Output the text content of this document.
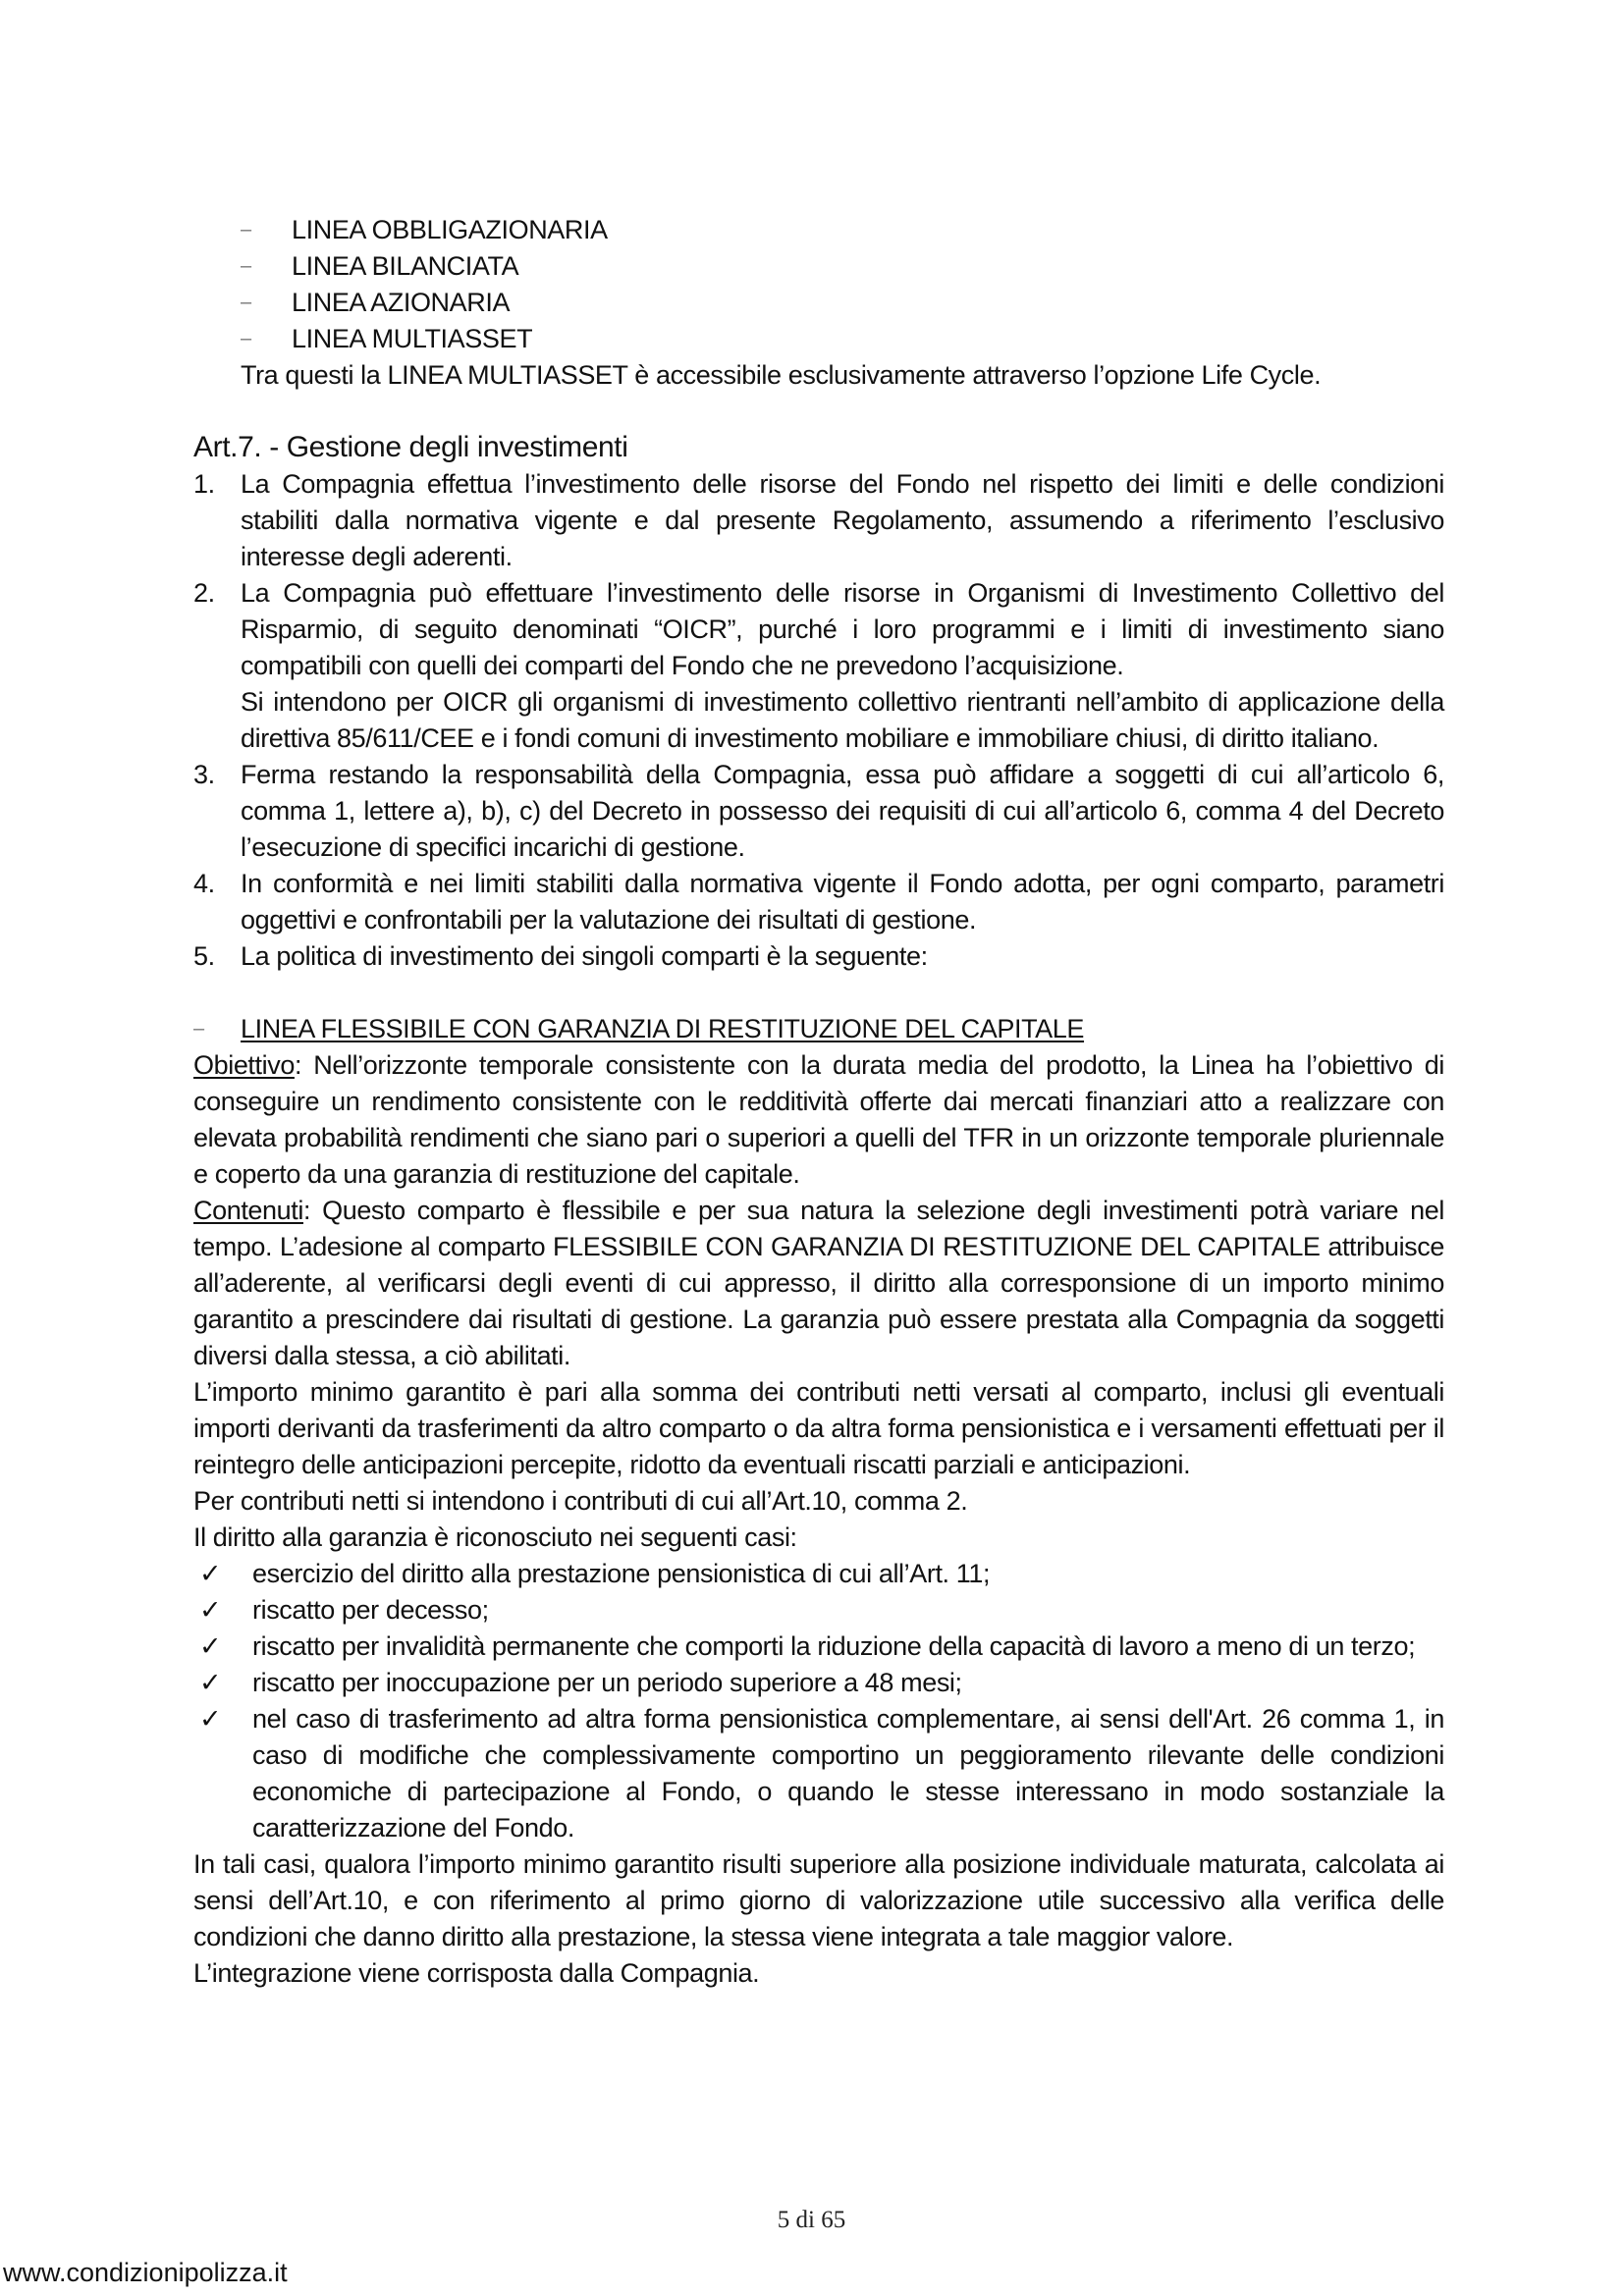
– LINEA OBBLIGAZIONARIA
– LINEA BILANCIATA
– LINEA AZIONARIA
– LINEA MULTIASSET
Tra questi la LINEA MULTIASSET è accessibile esclusivamente attraverso l’opzione Life Cycle.
Art.7. - Gestione degli investimenti
1. La Compagnia effettua l’investimento delle risorse del Fondo nel rispetto dei limiti e delle condizioni stabiliti dalla normativa vigente e dal presente Regolamento, assumendo a riferimento l’esclusivo interesse degli aderenti.

2. La Compagnia può effettuare l’investimento delle risorse in Organismi di Investimento Collettivo del Risparmio, di seguito denominati “OICR”, purché i loro programmi e i limiti di investimento siano compatibili con quelli dei comparti del Fondo che ne prevedono l’acquisizione.

Si intendono per OICR gli organismi di investimento collettivo rientranti nell’ambito di applicazione della direttiva 85/611/CEE e i fondi comuni di investimento mobiliare e immobiliare chiusi, di diritto italiano.

3. Ferma restando la responsabilità della Compagnia, essa può affidare a soggetti di cui all’articolo 6, comma 1, lettere a), b), c) del Decreto in possesso dei requisiti di cui all’articolo 6, comma 4 del Decreto l’esecuzione di specifici incarichi di gestione.

4. In conformità e nei limiti stabiliti dalla normativa vigente il Fondo adotta, per ogni comparto, parametri oggettivi e confrontabili per la valutazione dei risultati di gestione.

5. La politica di investimento dei singoli comparti è la seguente:

– LINEA FLESSIBILE CON GARANZIA DI RESTITUZIONE DEL CAPITALE

Obiettivo: Nell’orizzonte temporale consistente con la durata media del prodotto, la Linea ha l’obiettivo di conseguire un rendimento consistente con le redditività offerte dai mercati finanziari atto a realizzare con elevata probabilità rendimenti che siano pari o superiori a quelli del TFR in un orizzonte temporale pluriennale e coperto da una garanzia di restituzione del capitale.

Contenuti: Questo comparto è flessibile e per sua natura la selezione degli investimenti potrà variare nel tempo. L’adesione al comparto FLESSIBILE CON GARANZIA DI RESTITUZIONE DEL CAPITALE attribuisce all’aderente, al verificarsi degli eventi di cui appresso, il diritto alla corresponsione di un importo minimo garantito a prescindere dai risultati di gestione. La garanzia può essere prestata alla Compagnia da soggetti diversi dalla stessa, a ciò abilitati.

L’importo minimo garantito è pari alla somma dei contributi netti versati al comparto, inclusi gli eventuali importi derivanti da trasferimenti da altro comparto o da altra forma pensionistica e i versamenti effettuati per il reintegro delle anticipazioni percepite, ridotto da eventuali riscatti parziali e anticipazioni.

Per contributi netti si intendono i contributi di cui all’Art.10, comma 2.

Il diritto alla garanzia è riconosciuto nei seguenti casi:

✓ esercizio del diritto alla prestazione pensionistica di cui all’Art. 11;
✓ riscatto per decesso;
✓ riscatto per invalidità permanente che comporti la riduzione della capacità di lavoro a meno di un terzo;
✓ riscatto per inoccupazione per un periodo superiore a 48 mesi;
✓ nel caso di trasferimento ad altra forma pensionistica complementare, ai sensi dell'Art. 26 comma 1, in caso di modifiche che complessivamente comportino un peggioramento rilevante delle condizioni economiche di partecipazione al Fondo, o quando le stesse interessano in modo sostanziale la caratterizzazione del Fondo.

In tali casi, qualora l’importo minimo garantito risulti superiore alla posizione individuale maturata, calcolata ai sensi dell’Art.10, e con riferimento al primo giorno di valorizzazione utile successivo alla verifica delle condizioni che danno diritto alla prestazione, la stessa viene integrata a tale maggior valore.

L’integrazione viene corrisposta dalla Compagnia.

5 di 65
www.condizionipolizza.it
